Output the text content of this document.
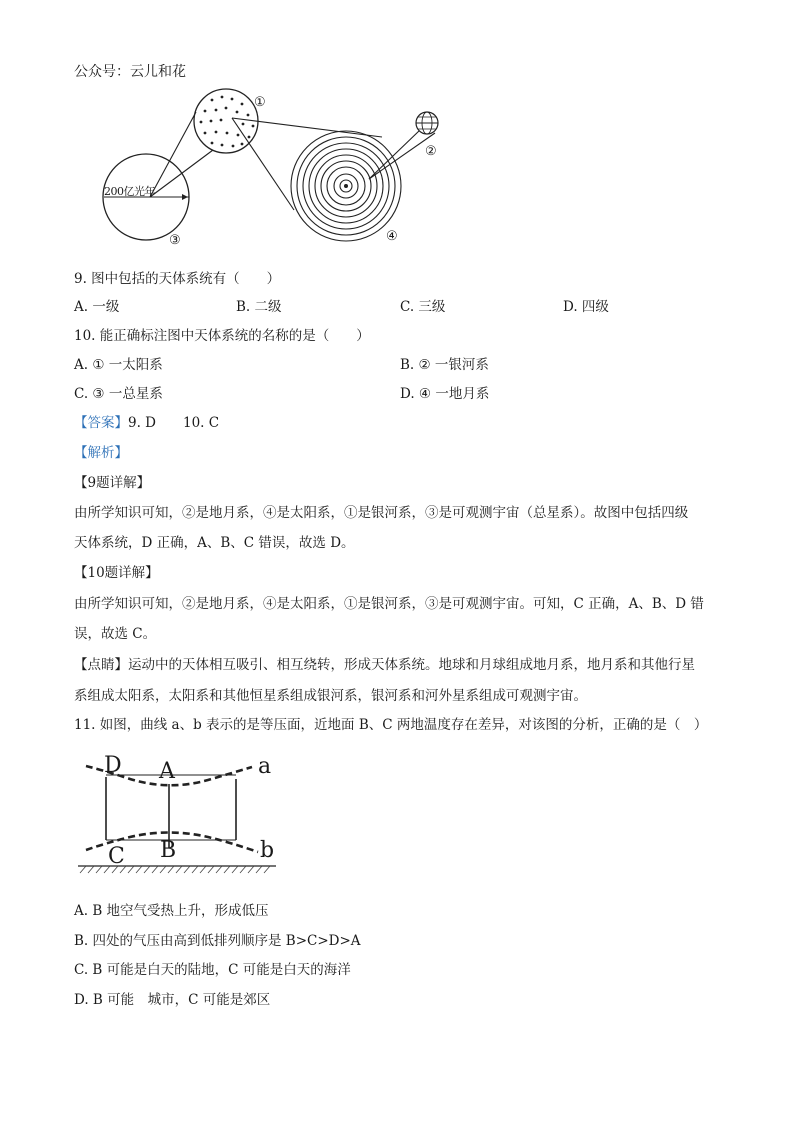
公众号：云儿和花
①
②
③	④
200亿光年
9. 图中包括的天体系统有（　　）
A. 一级	B. 二级	C. 三级	D. 四级
10. 能正确标注图中天体系统的名称的是（　　）
A. ① 一太阳系	B. ② 一银河系
C. ③ 一总星系	D. ④ 一地月系
【答案】9. D　　10. C
【解析】
【9题详解】
由所学知识可知，②是地月系，④是太阳系，①是银河系，③是可观测宇宙（总星系）。故图中包括四级
天体系统，D 正确，A、B、C 错误，故选 D。
【10题详解】
由所学知识可知，②是地月系，④是太阳系，①是银河系，③是可观测宇宙。可知，C 正确，A、B、D 错
误，故选 C。
【点睛】运动中的天体相互吸引、相互绕转，形成天体系统。地球和月球组成地月系，地月系和其他行星
系组成太阳系，太阳系和其他恒星系组成银河系，银河系和河外星系组成可观测宇宙。
11. 如图，曲线 a、b 表示的是等压面，近地面 B、C 两地温度存在差异，对该图的分析，正确的是（　）
D A	a
C B	b
A. B 地空气受热上升，形成低压
B. 四处的气压由高到低排列顺序是 B>C>D>A
C. B 可能是白天的陆地，C 可能是白天的海洋
D. B 可能　城市，C 可能是郊区
